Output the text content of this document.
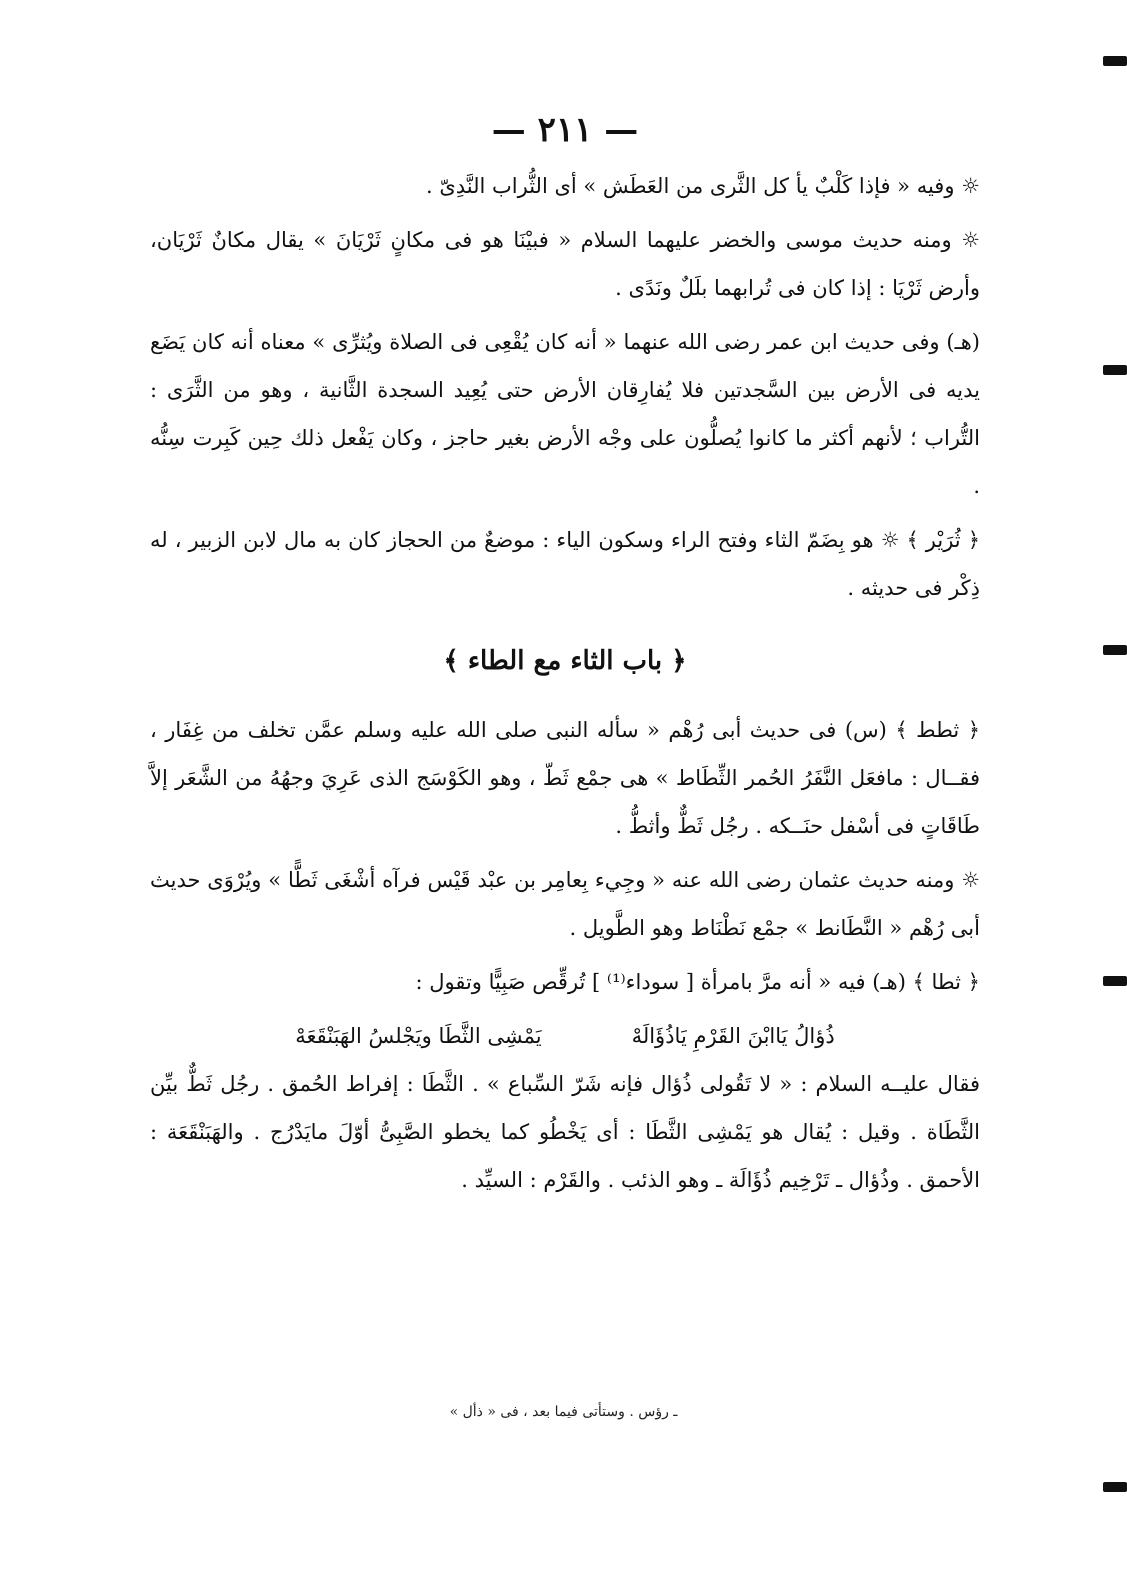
— ٢١١ —

☼ وفيه « فإذا كَلْبٌ يأ كل الثَّرى من العَطَش » أى الثُّراب النَّدِىّ .

☼ ومنه حديث موسى والخضر عليهما السلام « فبيْنَا هو فى مكانٍ ثَرْيَانَ » يقال مكانٌ ثَرْيَان، وأرض ثَرْيَا : إذا كان فى تُرابهما بلَلٌ ونَدًى .

(هـ) وفى حديث ابن عمر رضى الله عنهما « أنه كان يُقْعِى فى الصلاة ويُثرِّى » معناه أنه كان يَضَع يديه فى الأرض بين السَّجدتين فلا يُفارِقان الأرض حتى يُعِيد السجدة الثَّانية ، وهو من الثَّرَى : التُّراب ؛ لأنهم أكثر ما كانوا يُصلُّون على وجْه الأرض بغير حاجز ، وكان يَفْعل ذلك حِين كَبِرت سِنُّه .

﴿ ثُرَيْر ﴾ ☼ هو بِضَمّ الثاء وفتح الراء وسكون الياء : موضعٌ من الحجاز كان به مال لابن الزبير ، له ذِكْر فى حديثه .

﴿ باب الثاء مع الطاء ﴾

﴿ ثطط ﴾ (س) فى حديث أبى رُهْم « سأله النبى صلى الله عليه وسلم عمَّن تخلف من غِفَار ، فقــال : مافعَل النَّفَرُ الحُمر الثِّطَاط » هى جمْع ثَطّ ، وهو الكَوْسَج الذى عَرِيَ وجهُهُ من الشَّعَر إلاَّ طَاقَاتٍ فى أسْفل حنَــكه . رجُل ثَطٌّ وأثطُّ .

☼ ومنه حديث عثمان رضى الله عنه « وجِيء بِعامِر بن عبْد قَيْس فرآه أشْغَى ثَطًّا » ويُرْوَى حديث أبى رُهْم « النَّطَانط » جمْع نَطْنَاط وهو الطَّويل .

﴿ ثطا ﴾ (هـ) فيه « أنه مرَّ بامرأة [ سوداء⁽¹⁾ ] تُرقِّص صَبِيًّا وتقول :

ذُؤالُ يَاابْنَ القَرْمِ يَاذُؤَالَهْ
يَمْشِى الثَّطَا ويَجْلسُ الهَبَنْقَعَهْ

فقال عليــه السلام : « لا تَقُولى ذُؤال فإنه شَرّ السِّباع » . الثَّطَا : إفراط الحُمق . رجُل ثَطٌّ بيِّن الثَّطَاة . وقيل : يُقال هو يَمْشِى الثَّطَا : أى يَخْطُو كما يخطو الصَّبِىُّ أوّلَ مايَدْرُج . والهَبَنْقَعَة : الأحمق . وذُؤال ـ تَرْخِيم ذُؤَالَة ـ وهو الذئب . والقَرْم : السيِّد .

ـ رؤس . وستأتى فيما بعد ، فى « ذأل »
